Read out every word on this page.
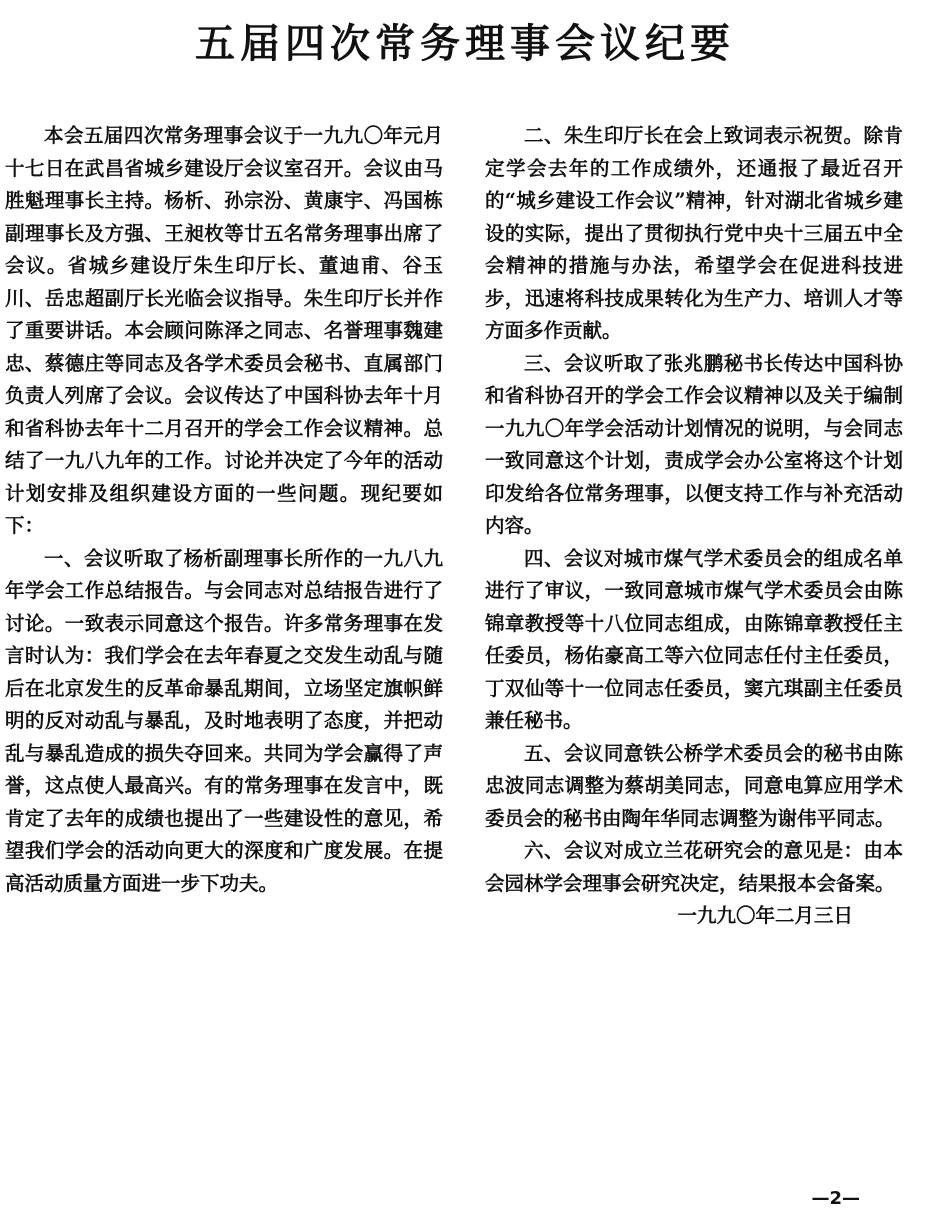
五届四次常务理事会议纪要

本会五届四次常务理事会议于一九九〇年元月十七日在武昌省城乡建设厅会议室召开。会议由马胜魁理事长主持。杨析、孙宗汾、黄康宇、冯国栋副理事长及方强、王昶枚等廿五名常务理事出席了会议。省城乡建设厅朱生印厅长、董迪甫、谷玉川、岳忠超副厅长光临会议指导。朱生印厅长并作了重要讲话。本会顾问陈泽之同志、名誉理事魏建忠、蔡德庄等同志及各学术委员会秘书、直属部门负责人列席了会议。会议传达了中国科协去年十月和省科协去年十二月召开的学会工作会议精神。总结了一九八九年的工作。讨论并决定了今年的活动计划安排及组织建设方面的一些问题。现纪要如下：

一、会议听取了杨析副理事长所作的一九八九年学会工作总结报告。与会同志对总结报告进行了讨论。一致表示同意这个报告。许多常务理事在发言时认为：我们学会在去年春夏之交发生动乱与随后在北京发生的反革命暴乱期间，立场坚定旗帜鲜明的反对动乱与暴乱，及时地表明了态度，并把动乱与暴乱造成的损失夺回来。共同为学会赢得了声誉，这点使人最高兴。有的常务理事在发言中，既肯定了去年的成绩也提出了一些建设性的意见，希望我们学会的活动向更大的深度和广度发展。在提高活动质量方面进一步下功夫。

二、朱生印厅长在会上致词表示祝贺。除肯定学会去年的工作成绩外，还通报了最近召开的“城乡建设工作会议”精神，针对湖北省城乡建设的实际，提出了贯彻执行党中央十三届五中全会精神的措施与办法，希望学会在促进科技进步，迅速将科技成果转化为生产力、培训人才等方面多作贡献。

三、会议听取了张兆鹏秘书长传达中国科协和省科协召开的学会工作会议精神以及关于编制一九九〇年学会活动计划情况的说明，与会同志一致同意这个计划，责成学会办公室将这个计划印发给各位常务理事，以便支持工作与补充活动内容。

四、会议对城市煤气学术委员会的组成名单进行了审议，一致同意城市煤气学术委员会由陈锦章教授等十八位同志组成，由陈锦章教授任主任委员，杨佑豪高工等六位同志任付主任委员，丁双仙等十一位同志任委员，窦亢琪副主任委员兼任秘书。

五、会议同意铁公桥学术委员会的秘书由陈忠波同志调整为蔡胡美同志，同意电算应用学术委员会的秘书由陶年华同志调整为谢伟平同志。

六、会议对成立兰花研究会的意见是：由本会园林学会理事会研究决定，结果报本会备案。

一九九〇年二月三日

—2—
